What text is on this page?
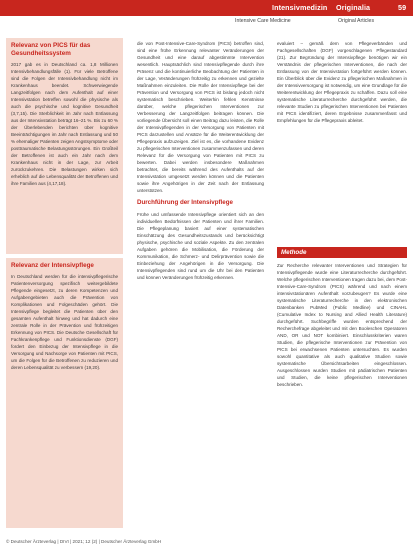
Intensivmedizin Originalia	59
Intensive Care Medicine	Original Articles
Relevanz von PICS für das Gesundheitssystem
2017 gab es in Deutschland ca. 1,8 Millionen Intensivbehandlungsfälle (1). Für viele Betroffene sind die Folgen der Intensivbehandlung nicht im Krankenhaus beendet. Schwerwiegende Langzeitfolgen nach dem Aufenthalt auf einer Intensivstation betreffen sowohl die physische als auch die psychische und kognitive Gesundheit (3,7,15). Die Sterblichkeit im Jahr nach Entlassung aus der Intensivstation beträgt 16–21 %. Bis zu 60 % der Überlebenden berichten über kognitive Beeinträchtigungen im Jahr nach Entlassung und 50 % ehemaliger Patienten zeigen Angstsymptome oder posttraumatische Belastungsstörungen. Ein Großteil der Betroffenen ist auch ein Jahr nach dem Krankenhaus nicht in der Lage, zur Arbeit zurückzukehren. Die Belastungen wirken sich erheblich auf die Lebensqualität der Betroffenen und ihre Familien aus (4,17,18).
Relevanz der Intensivpflege
In Deutschland werden für die intensivpflegerische Patientenversorgung spezifisch weitergebildete Pflegende eingesetzt, zu deren Kompetenzen und Aufgabengebieten auch die Prävention von Komplikationen und Folgeschäden gehört. Die Intensivpflege begleitet die Patienten über den gesamten Aufenthalt hinweg und hat dadurch eine zentrale Rolle in der Prävention und frühzeitigen Erkennung von PICS. Die Deutsche Gesellschaft für Fachkrankenpflege und Funktionsdienste (DGF) fordert den Einbezug der Intensivpflege in die Versorgung und Nachsorge von Patienten mit PICS, um die Folgen für die Betroffenen zu reduzieren und deren Lebensqualität zu verbessern (19,20).

die von Post-Intensive-Care-Syndrom (PICS) betroffen sind, sind eine frühe Erkennung relevanter Veränderungen der Gesundheit und eine darauf abgestimmte Intervention wesentlich. Hauptsächlich sind Intensivpflegende durch ihre Präsenz und die kontinuierliche Beobachtung der Patienten in der Lage, Veränderungen frühzeitig zu erkennen und gezielte Maßnahmen einzuleiten. Die Rolle der Intensivpflege bei der Prävention und Versorgung von PICS ist bislang jedoch nicht systematisch beschrieben. Weiterhin fehlen Kenntnisse darüber, welche pflegerischen Interventionen zur Verbesserung der Langzeitfolgen beitragen können. Die vorliegende Übersicht soll einen Beitrag dazu leisten, die Rolle der Intensivpflegenden in der Versorgung von Patienten mit PICS darzustellen und Ansätze für die Weiterentwicklung der Pflegepraxis aufzuzeigen. Ziel ist es, die vorhandene Evidenz zu pflegerischen Interventionen zusammenzufassen und deren Relevanz für die Versorgung von Patienten mit PICS zu bewerten. Dabei werden insbesondere Maßnahmen betrachtet, die bereits während des Aufenthalts auf der Intensivstation umgesetzt werden können und die Patienten sowie ihre Angehörigen in der Zeit nach der Entlassung unterstützen.

Durchführung der Intensivpflege

Frühe und umfassende Intensivpflege orientiert sich an den individuellen Bedürfnissen der Patienten und ihrer Familien. Die Pflegeplanung basiert auf einer systematischen Einschätzung des Gesundheitszustands und berücksichtigt physische, psychische und soziale Aspekte. Zu den zentralen Aufgaben gehören die Mobilisation, die Förderung der Kommunikation, die Schmerz- und Delirprävention sowie die Einbeziehung der Angehörigen in die Versorgung. Die Intensivpflegenden sind rund um die Uhr bei den Patienten und können Veränderungen frühzeitig erkennen.

evaluiert – gemäß dem von Pflegeverbänden und Fachgesellschaften (DGF) vorgeschlagenen Pflegestandard (21). Zur Begründung der Intensivpflege benötigen wir ein Verständnis der pflegerischen Interventionen, die nach der Entlassung von der Intensivstation fortgeführt werden können. Ein Überblick über die Evidenz zu pflegerischen Maßnahmen in der Intensivversorgung ist notwendig, um eine Grundlage für die Weiterentwicklung der Pflegepraxis zu schaffen. Dazu soll eine systematische Literaturrecherche durchgeführt werden, die relevante Studien zu pflegerischen Interventionen bei Patienten mit PICS identifiziert, deren Ergebnisse zusammenfasst und Empfehlungen für die Pflegepraxis ableitet.

Methode

Zur Recherche relevanter Interventionen und Strategien für Intensivpflegende wurde eine Literaturrecherche durchgeführt. Welche pflegerischen Interventionen tragen dazu bei, dem Post-Intensive-Care-Syndrom (PICS) während und nach einem intensivstationären Aufenthalt vorzubeugen? Es wurde eine systematische Literaturrecherche in den elektronischen Datenbanken PubMed (Public Medline) und CINAHL (Cumulative Index to Nursing and Allied Health Literature) durchgeführt. Suchbegriffe wurden entsprechend der Recherchefrage abgeleitet und mit den Booleschen Operatoren AND, OR und NOT kombiniert. Einschlusskriterien waren Studien, die pflegerische Interventionen zur Prävention von PICS bei erwachsenen Patienten untersuchten. Es wurden sowohl quantitative als auch qualitative Studien sowie systematische Übersichtsarbeiten eingeschlossen. Ausgeschlossen wurden Studien mit pädiatrischen Patienten und Studien, die keine pflegerischen Interventionen beschrieben.

© Deutscher Ärzteverlag | DIVI | 2021; 12 (2) | Deutscher Ärzteverlag GmbH
